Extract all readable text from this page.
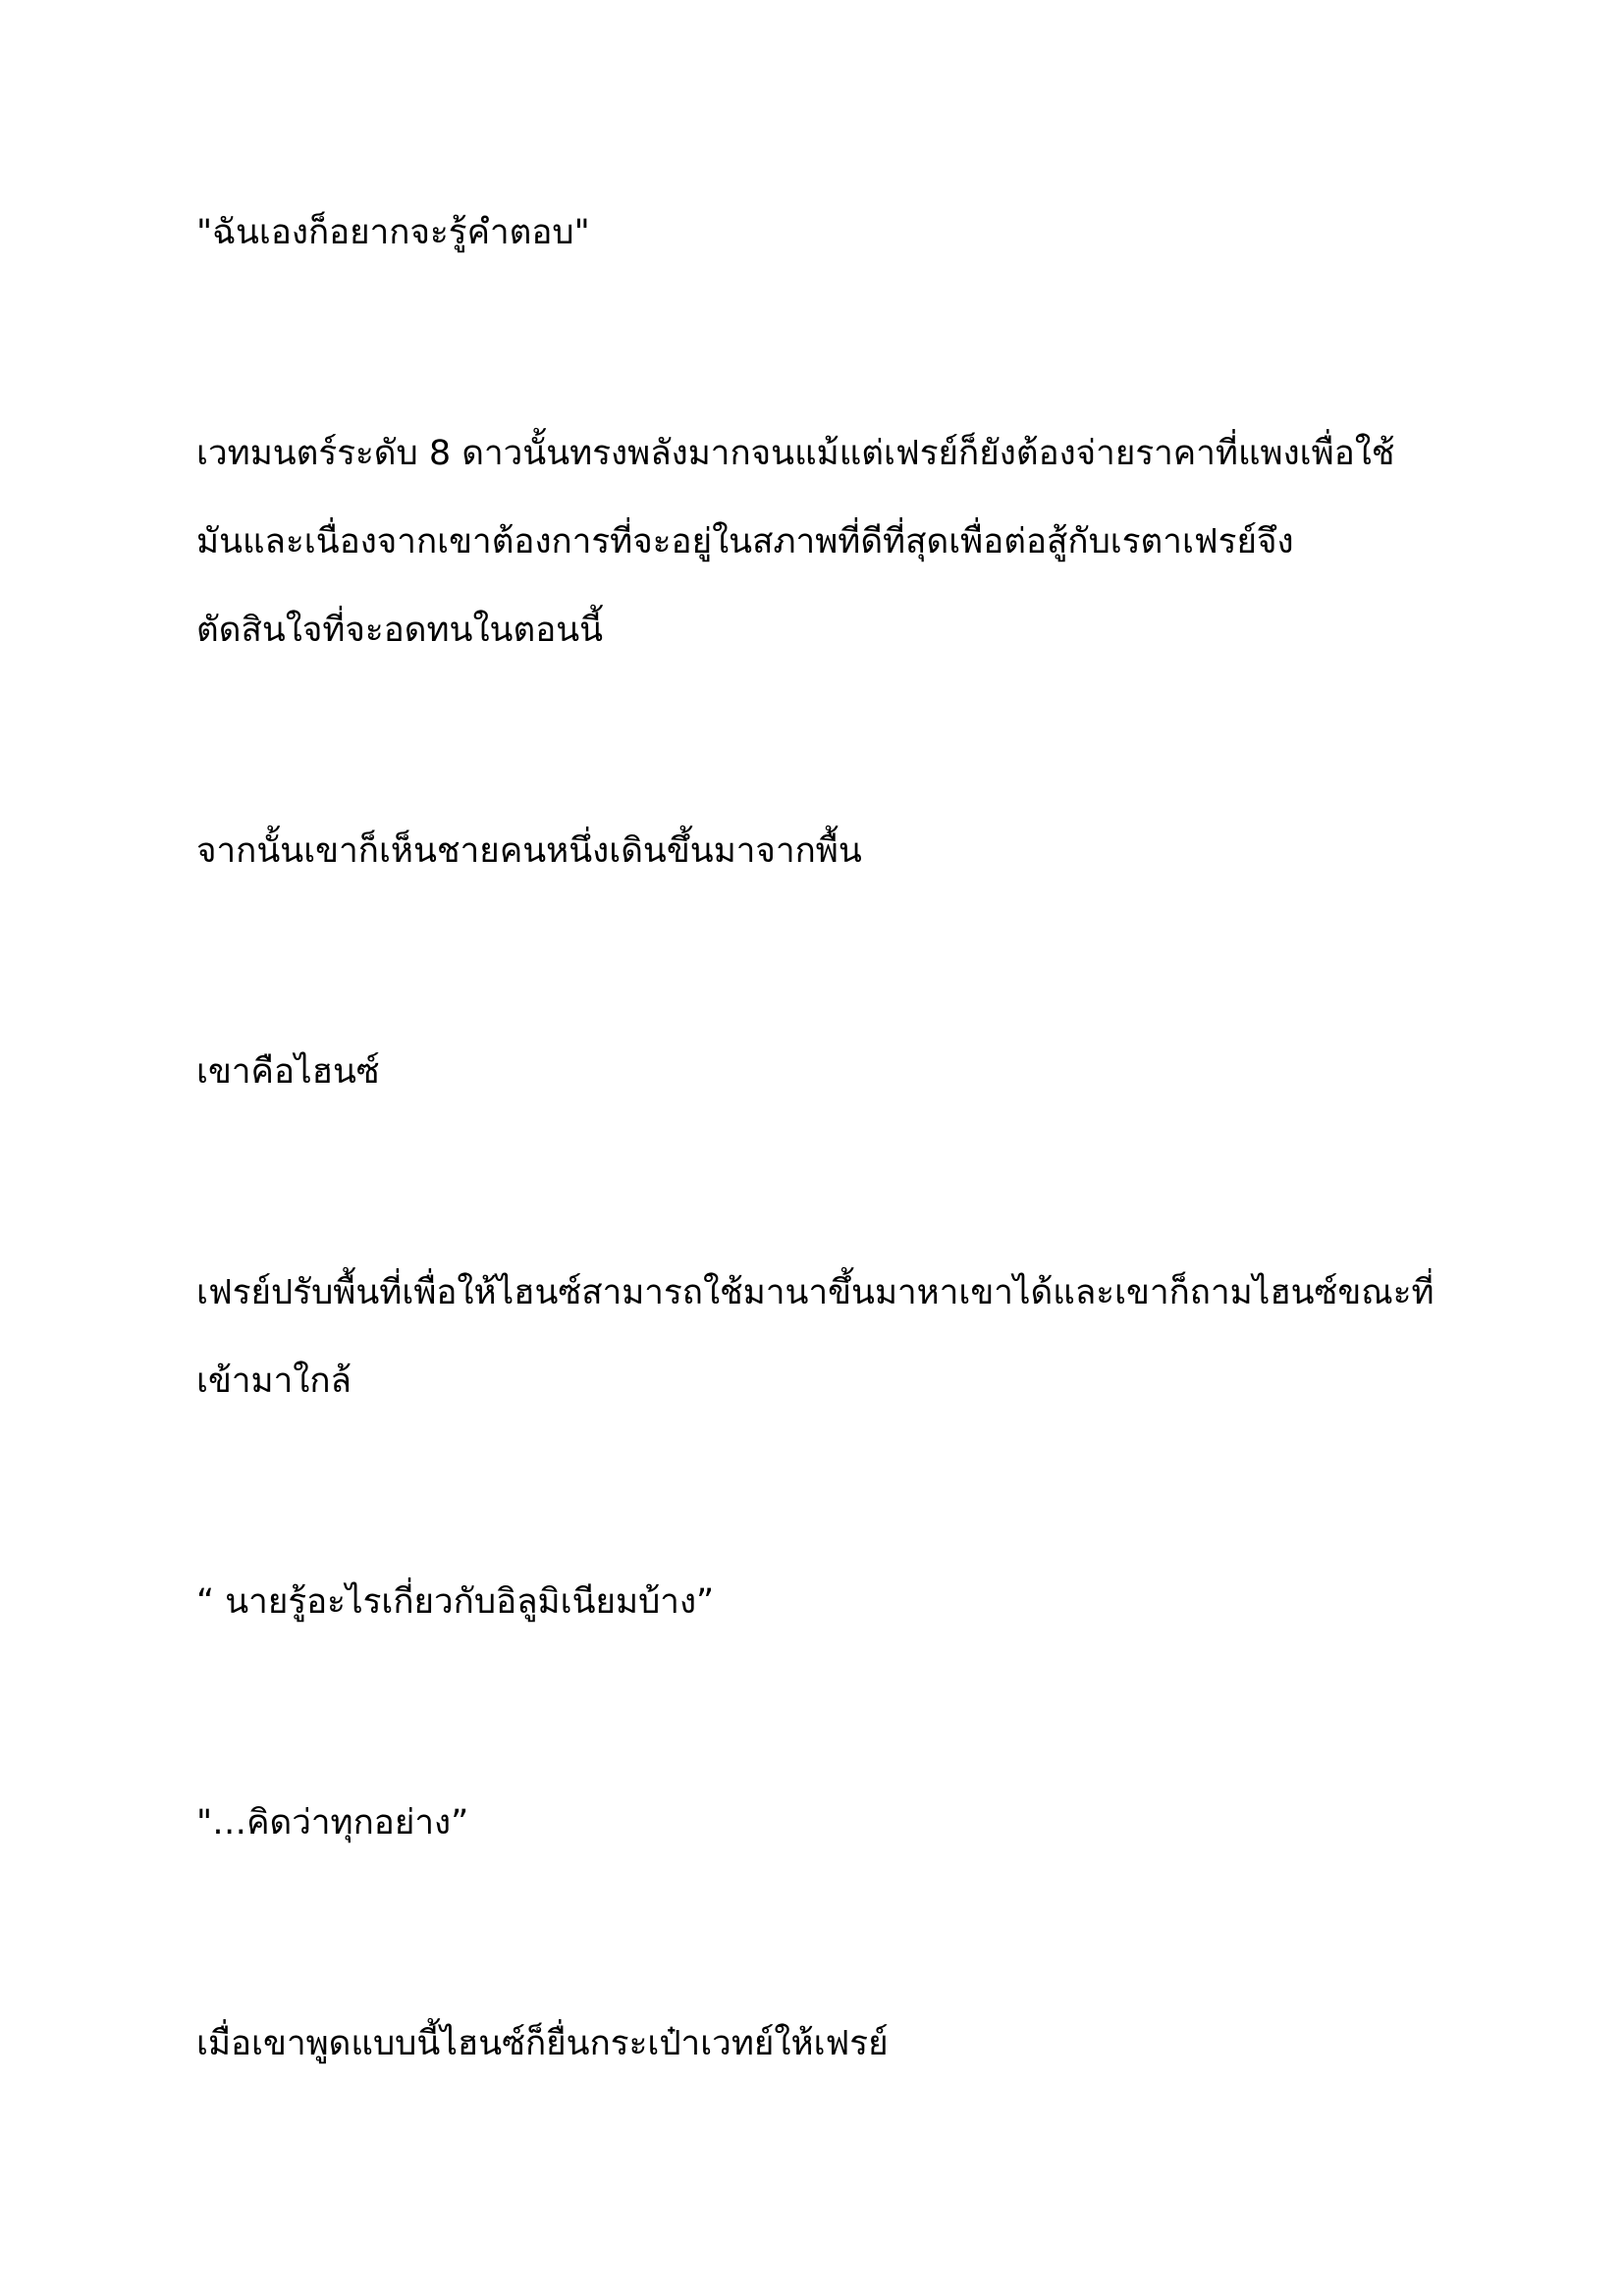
"ฉันเองก็อยากจะรู้คำตอบ"

เวทมนตร์ระดับ 8 ดาวนั้นทรงพลังมากจนแม้แต่เฟรย์ก็ยังต้องจ่ายราคาที่แพงเพื่อใช้
มันและเนื่องจากเขาต้องการที่จะอยู่ในสภาพที่ดีที่สุดเพื่อต่อสู้กับเรตาเฟรย์จึง
ตัดสินใจที่จะอดทนในตอนนี้

จากนั้นเขาก็เห็นชายคนหนึ่งเดินขึ้นมาจากพื้น

เขาคือไฮนซ์

เฟรย์ปรับพื้นที่เพื่อให้ไฮนซ์สามารถใช้มานาขึ้นมาหาเขาได้และเขาก็ถามไฮนซ์ขณะที่
เข้ามาใกล้

“ นายรู้อะไรเกี่ยวกับอิลูมิเนียมบ้าง”

"…คิดว่าทุกอย่าง”

เมื่อเขาพูดแบบนี้ไฮนซ์ก็ยื่นกระเป๋าเวทย์ให้เฟรย์
